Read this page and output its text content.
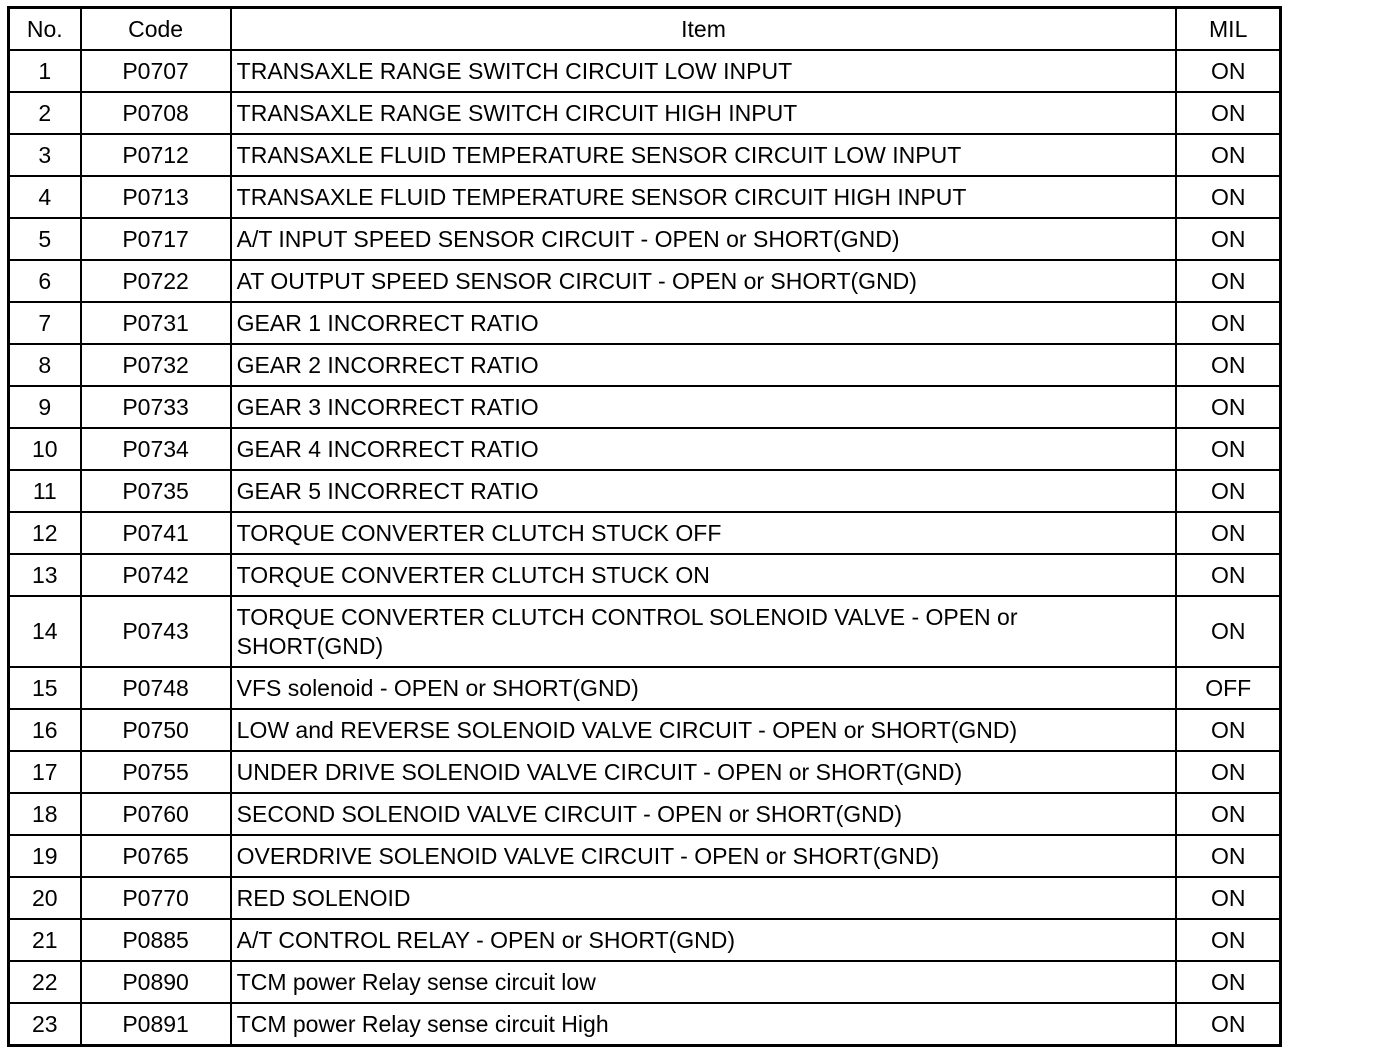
No.	Code	Item	MIL
1	P0707	TRANSAXLE RANGE SWITCH CIRCUIT LOW INPUT	ON
2	P0708	TRANSAXLE RANGE SWITCH CIRCUIT HIGH INPUT	ON
3	P0712	TRANSAXLE FLUID TEMPERATURE SENSOR CIRCUIT LOW INPUT	ON
4	P0713	TRANSAXLE FLUID TEMPERATURE SENSOR CIRCUIT HIGH INPUT	ON
5	P0717	A/T INPUT SPEED SENSOR CIRCUIT - OPEN or SHORT(GND)	ON
6	P0722	AT OUTPUT SPEED SENSOR CIRCUIT - OPEN or SHORT(GND)	ON
7	P0731	GEAR 1 INCORRECT RATIO	ON
8	P0732	GEAR 2 INCORRECT RATIO	ON
9	P0733	GEAR 3 INCORRECT RATIO	ON
10	P0734	GEAR 4 INCORRECT RATIO	ON
11	P0735	GEAR 5 INCORRECT RATIO	ON
12	P0741	TORQUE CONVERTER CLUTCH STUCK OFF	ON
13	P0742	TORQUE CONVERTER CLUTCH STUCK ON	ON
14	P0743	TORQUE CONVERTER CLUTCH CONTROL SOLENOID VALVE - OPEN or SHORT(GND)	ON
15	P0748	VFS solenoid - OPEN or SHORT(GND)	OFF
16	P0750	LOW and REVERSE SOLENOID VALVE CIRCUIT - OPEN or SHORT(GND)	ON
17	P0755	UNDER DRIVE SOLENOID VALVE CIRCUIT - OPEN or SHORT(GND)	ON
18	P0760	SECOND SOLENOID VALVE CIRCUIT - OPEN or SHORT(GND)	ON
19	P0765	OVERDRIVE SOLENOID VALVE CIRCUIT - OPEN or SHORT(GND)	ON
20	P0770	RED SOLENOID	ON
21	P0885	A/T CONTROL RELAY - OPEN or SHORT(GND)	ON
22	P0890	TCM power Relay sense circuit low	ON
23	P0891	TCM power Relay sense circuit High	ON
